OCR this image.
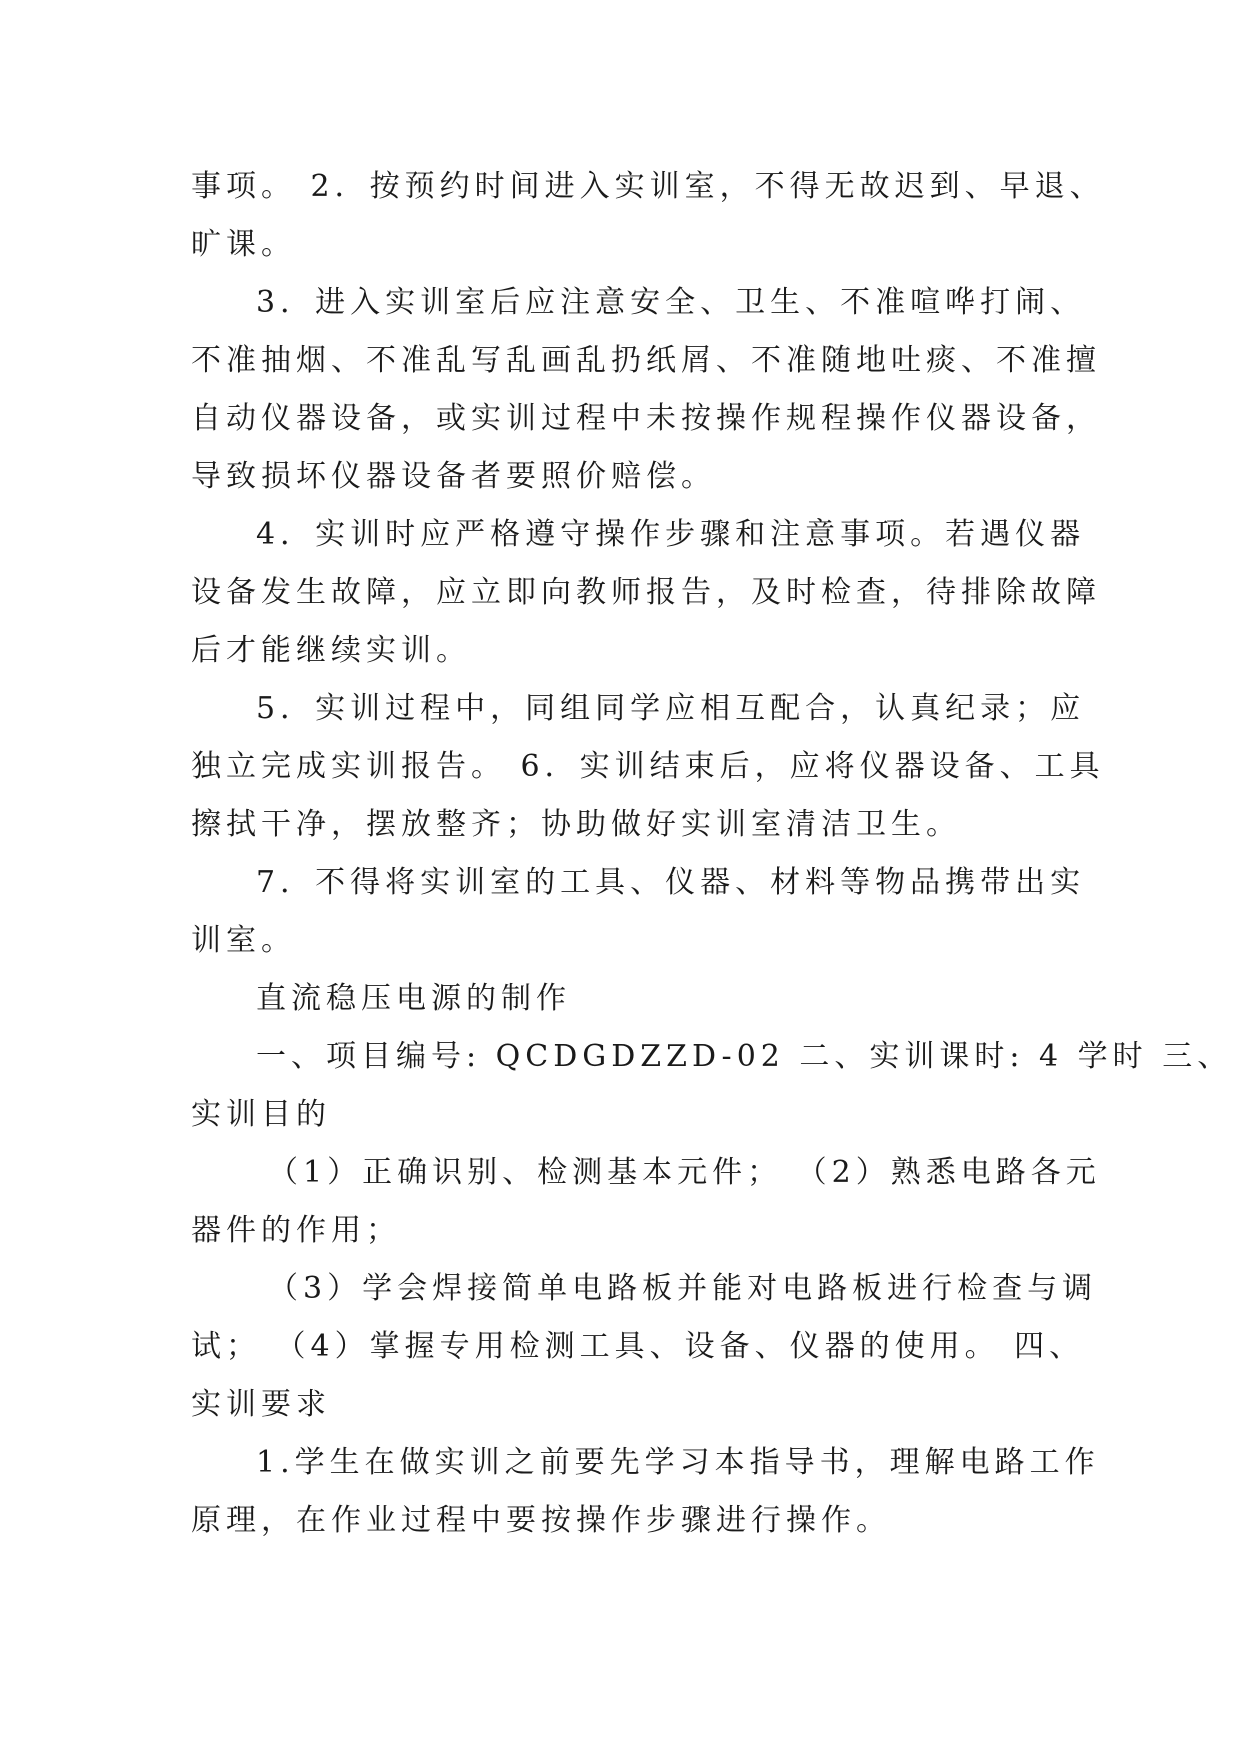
事项。 2．按预约时间进入实训室，不得无故迟到、早退、

旷课。

3．进入实训室后应注意安全、卫生、不准喧哗打闹、

不准抽烟、不准乱写乱画乱扔纸屑、不准随地吐痰、不准擅

自动仪器设备，或实训过程中未按操作规程操作仪器设备，

导致损坏仪器设备者要照价赔偿。

4．实训时应严格遵守操作步骤和注意事项。若遇仪器

设备发生故障，应立即向教师报告，及时检查，待排除故障

后才能继续实训。

5．实训过程中，同组同学应相互配合，认真纪录；应

独立完成实训报告。 6．实训结束后，应将仪器设备、工具

擦拭干净，摆放整齐；协助做好实训室清洁卫生。

7．不得将实训室的工具、仪器、材料等物品携带出实

训室。

直流稳压电源的制作

一、项目编号: QCDGDZZD-02 二、实训课时: 4 学时 三、

实训目的

（1）正确识别、检测基本元件； （2）熟悉电路各元

器件的作用；

（3）学会焊接简单电路板并能对电路板进行检查与调

试； （4）掌握专用检测工具、设备、仪器的使用。 四、

实训要求

1.学生在做实训之前要先学习本指导书，理解电路工作

原理，在作业过程中要按操作步骤进行操作。
